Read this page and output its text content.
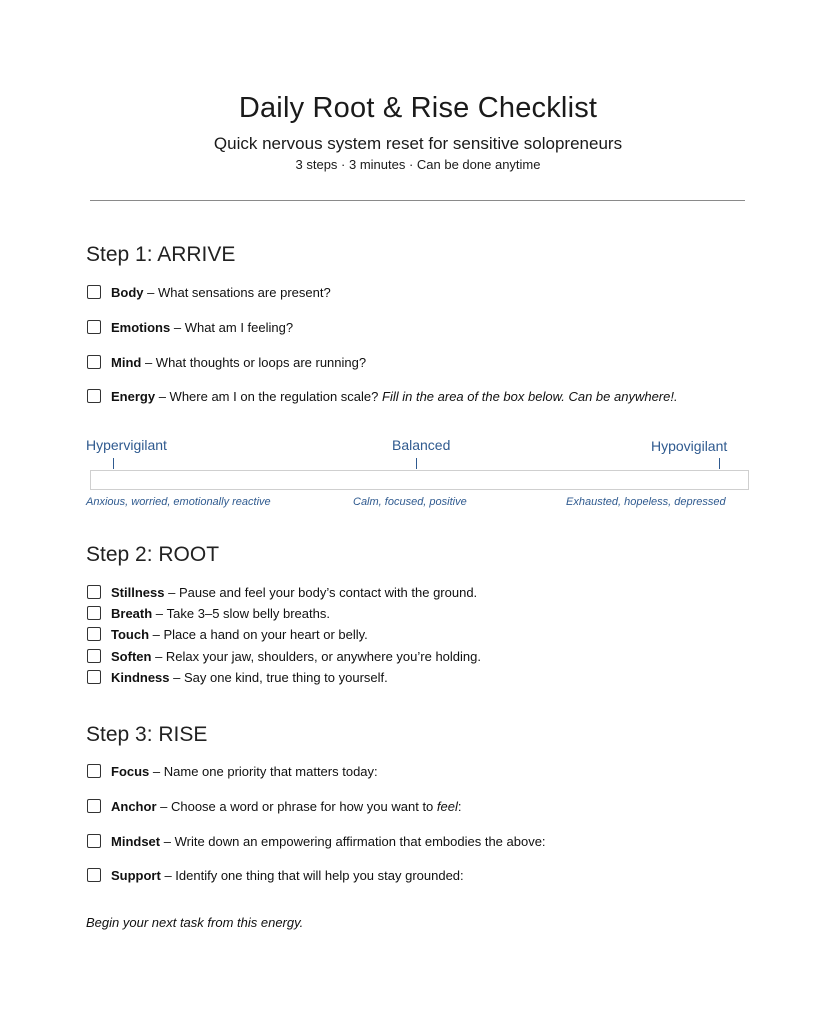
Daily Root & Rise Checklist
Quick nervous system reset for sensitive solopreneurs
3 steps · 3 minutes · Can be done anytime
Step 1: ARRIVE
Body – What sensations are present?
Emotions – What am I feeling?
Mind – What thoughts or loops are running?
Energy – Where am I on the regulation scale?
Fill in the area of the box below. Can be anywhere!.
Hypervigilant	Balanced	Hypovigilant
Anxious, worried, emotionally reactive	Calm, focused, positive	Exhausted, hopeless, depressed
Step 2: ROOT
Stillness – Pause and feel your body’s contact with the ground.
Breath – Take 3–5 slow belly breaths.
Touch – Place a hand on your heart or belly.
Soften – Relax your jaw, shoulders, or anywhere you’re holding.
Kindness – Say one kind, true thing to yourself.
Step 3: RISE
Focus – Name one priority that matters today:
Anchor – Choose a word or phrase for how you want to
feel :
Mindset – Write down an empowering affirmation that embodies the above:
Support – Identify one thing that will help you stay grounded:
Begin your next task from this energy.
